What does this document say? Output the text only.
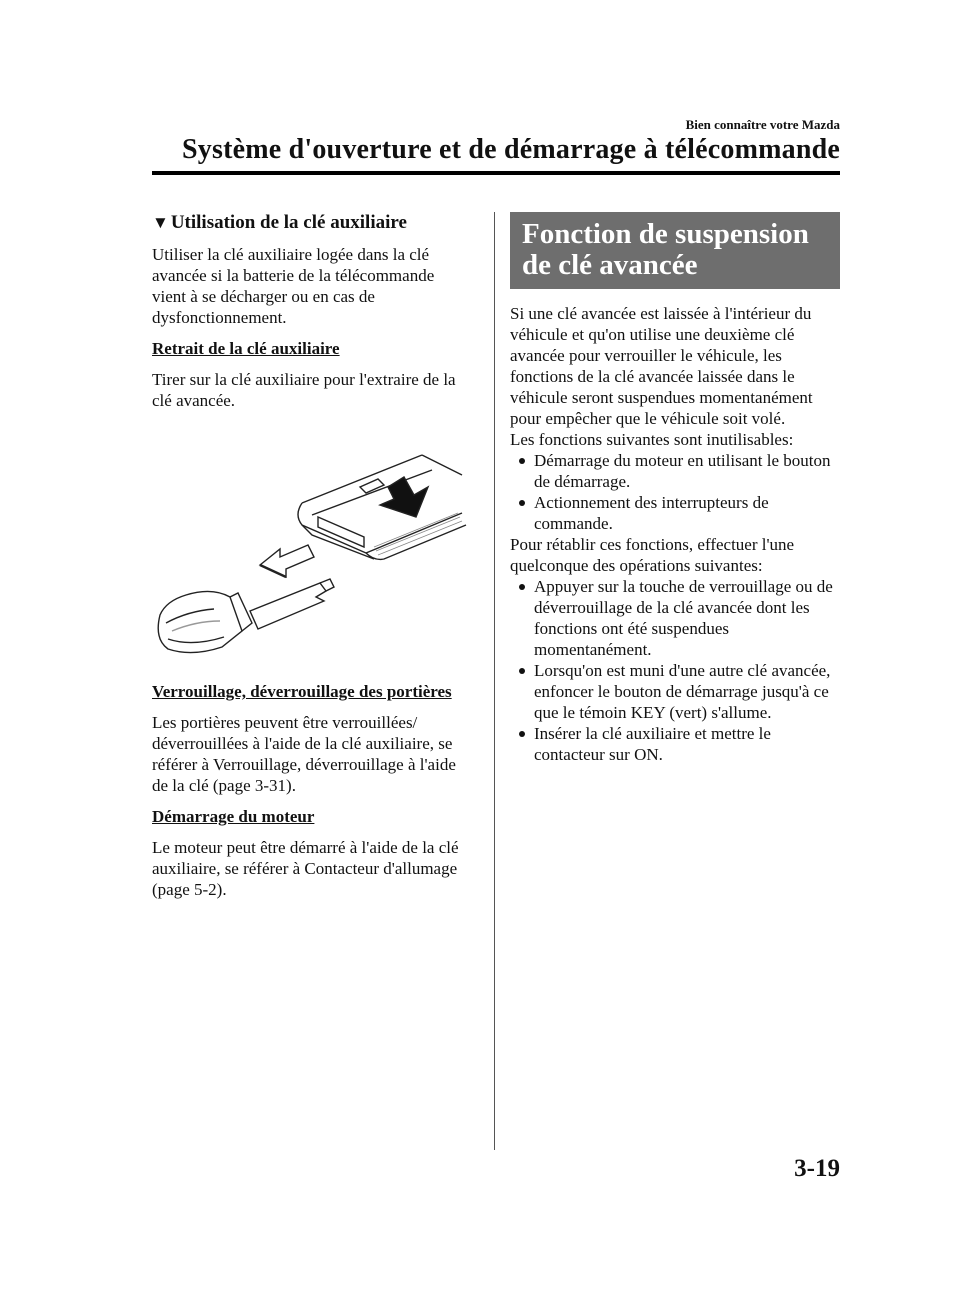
Bien connaître votre Mazda
Système d'ouverture et de démarrage à télécommande
▼ Utilisation de la clé auxiliaire

Utiliser la clé auxiliaire logée dans la clé avancée si la batterie de la télécommande vient à se décharger ou en cas de dysfonctionnement.

Retrait de la clé auxiliaire

Tirer sur la clé auxiliaire pour l'extraire de la clé avancée.

Verrouillage, déverrouillage des portières

Les portières peuvent être verrouillées/ déverrouillées à l'aide de la clé auxiliaire, se référer à Verrouillage, déverrouillage à l'aide de la clé (page 3-31).

Démarrage du moteur

Le moteur peut être démarré à l'aide de la clé auxiliaire, se référer à Contacteur d'allumage (page 5-2).

Fonction de suspension de clé avancée

Si une clé avancée est laissée à l'intérieur du véhicule et qu'on utilise une deuxième clé avancée pour verrouiller le véhicule, les fonctions de la clé avancée laissée dans le véhicule seront suspendues momentanément pour empêcher que le véhicule soit volé.

Les fonctions suivantes sont inutilisables:

Démarrage du moteur en utilisant le bouton de démarrage.
Actionnement des interrupteurs de commande.

Pour rétablir ces fonctions, effectuer l'une quelconque des opérations suivantes:

Appuyer sur la touche de verrouillage ou de déverrouillage de la clé avancée dont les fonctions ont été suspendues momentanément.
Lorsqu'on est muni d'une autre clé avancée, enfoncer le bouton de démarrage jusqu'à ce que le témoin KEY (vert) s'allume.
Insérer la clé auxiliaire et mettre le contacteur sur ON.
3-19
